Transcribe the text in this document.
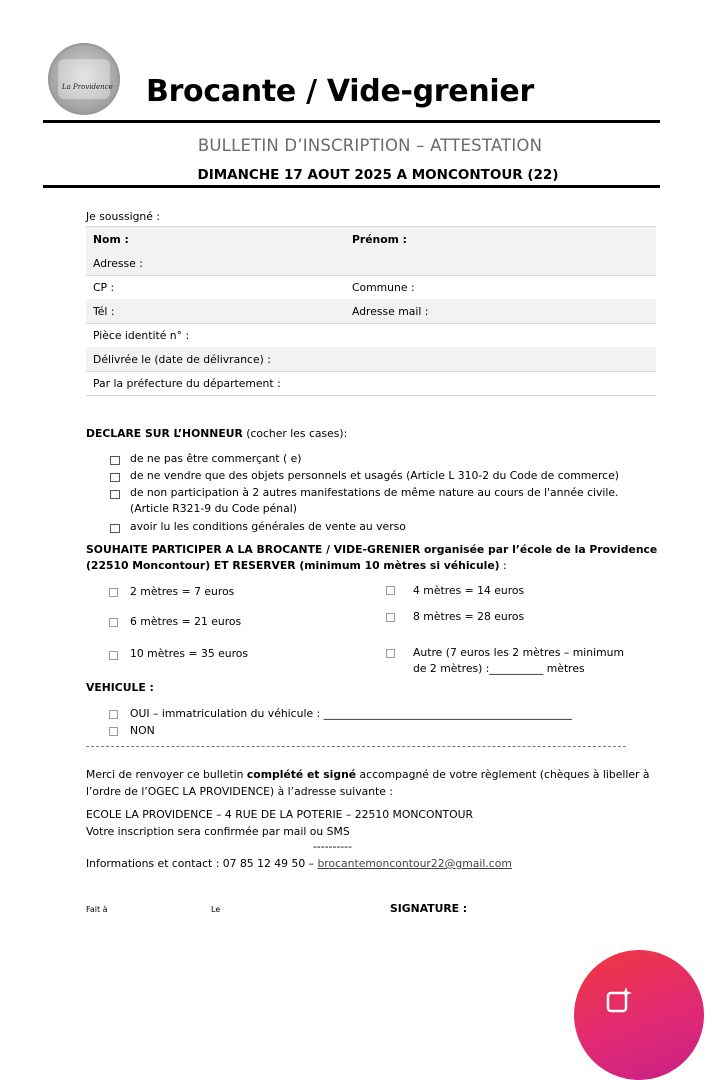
La Providence Brocante / Vide-grenier
BULLETIN D’INSCRIPTION – ATTESTATION
DIMANCHE 17 AOUT 2025 A MONCONTOUR (22)
Je soussigné :
Nom :	Prénom :
Adresse :
CP :	Commune :
Tél :	Adresse mail :
Pièce identité n° :
Délivrée le (date de délivrance) :
Par la préfecture du département :
DECLARE SUR L’HONNEUR (cocher les cases):
de ne pas être commerçant ( e)
de ne vendre que des objets personnels et usagés (Article L 310-2 du Code de commerce)
de non participation à 2 autres manifestations de même nature au cours de l'année civile.
(Article R321-9 du Code pénal)
avoir lu les conditions générales de vente au verso
SOUHAITE PARTICIPER A LA BROCANTE / VIDE-GRENIER organisée par l’école de la Providence
(22510 Moncontour) ET RESERVER (minimum 10 mètres si véhicule) :
2 mètres = 7 euros	4 mètres = 14 euros
6 mètres = 21 euros	8 mètres = 28 euros
10 mètres = 35 euros	Autre (7 euros les 2 mètres – minimum
de 2 mètres) :__________ mètres
VEHICULE :
OUI – immatriculation du véhicule : ______________________________________________
NON
Merci de renvoyer ce bulletin complété et signé accompagné de votre règlement (chèques à libeller à
l’ordre de l’OGEC LA PROVIDENCE) à l’adresse suivante :
ECOLE LA PROVIDENCE – 4 RUE DE LA POTERIE – 22510 MONCONTOUR
Votre inscription sera confirmée par mail ou SMS
----------
Informations et contact : 07 85 12 49 50 – brocantemoncontour22@gmail.com
Fait à	Le	SIGNATURE :
